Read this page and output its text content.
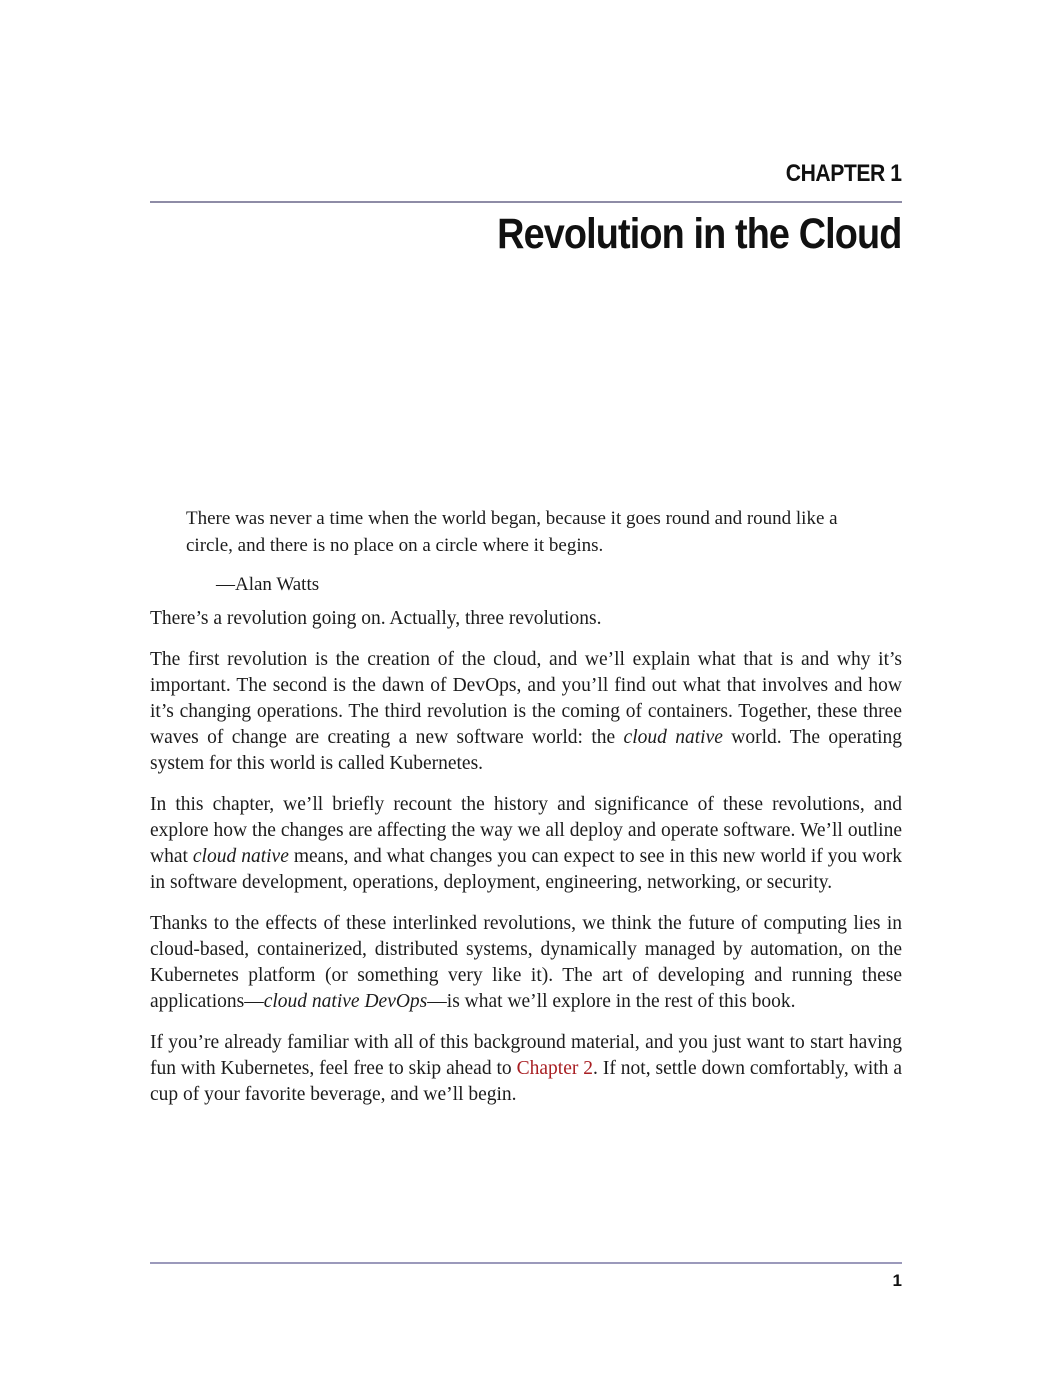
CHAPTER 1
Revolution in the Cloud
There was never a time when the world began, because it goes round and round like a circle, and there is no place on a circle where it begins.
—Alan Watts

There’s a revolution going on. Actually, three revolutions.

The first revolution is the creation of the cloud, and we’ll explain what that is and why it’s important. The second is the dawn of DevOps, and you’ll find out what that involves and how it’s changing operations. The third revolution is the coming of containers. Together, these three waves of change are creating a new software world: the cloud native world. The operating system for this world is called Kubernetes.

In this chapter, we’ll briefly recount the history and significance of these revolutions, and explore how the changes are affecting the way we all deploy and operate software. We’ll outline what cloud native means, and what changes you can expect to see in this new world if you work in software development, operations, deployment, engineering, networking, or security.

Thanks to the effects of these interlinked revolutions, we think the future of computing lies in cloud-based, containerized, distributed systems, dynamically managed by automation, on the Kubernetes platform (or something very like it). The art of developing and running these applications—cloud native DevOps—is what we’ll explore in the rest of this book.

If you’re already familiar with all of this background material, and you just want to start having fun with Kubernetes, feel free to skip ahead to Chapter 2. If not, settle down comfortably, with a cup of your favorite beverage, and we’ll begin.

1
